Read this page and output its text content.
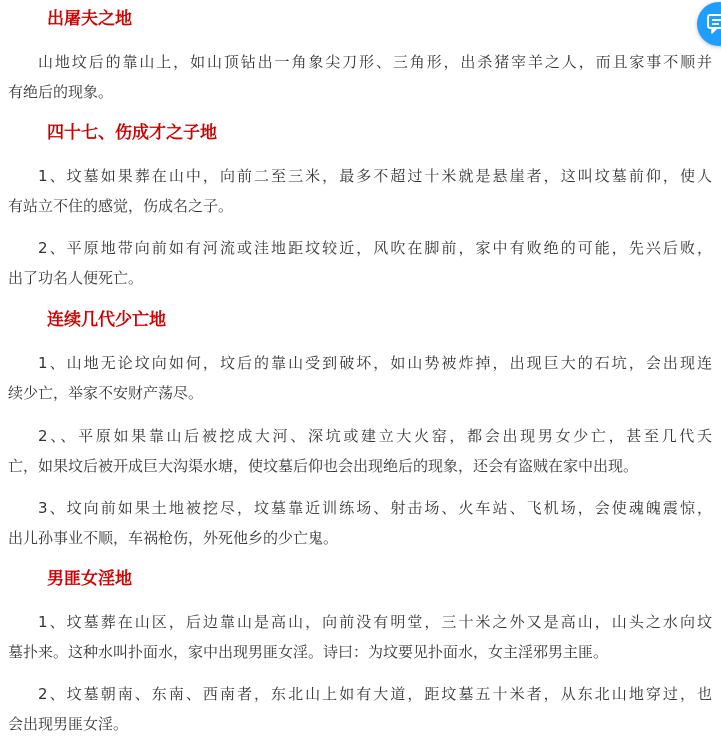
出屠夫之地

山地坟后的靠山上，如山顶钻出一角象尖刀形、三角形，出杀猪宰羊之人，而且家事不顺并
有绝后的现象。

四十七、伤成才之子地

1、坟墓如果葬在山中，向前二至三米，最多不超过十米就是悬崖者，这叫坟墓前仰，使人
有站立不住的感觉，伤成名之子。

2、平原地带向前如有河流或洼地距坟较近，风吹在脚前，家中有败绝的可能，先兴后败，
出了功名人便死亡。

连续几代少亡地

1、山地无论坟向如何，坟后的靠山受到破坏，如山势被炸掉，出现巨大的石坑，会出现连
续少亡，举家不安财产荡尽。

2、、平原如果靠山后被挖成大河、深坑或建立大火窑，都会出现男女少亡，甚至几代夭
亡，如果坟后被开成巨大沟渠水塘，使坟墓后仰也会出现绝后的现象，还会有盗贼在家中出现。

3、坟向前如果土地被挖尽，坟墓靠近训练场、射击场、火车站、飞机场，会使魂魄震惊，
出儿孙事业不顺，车祸枪伤，外死他乡的少亡鬼。

男匪女淫地

1、坟墓葬在山区，后边靠山是高山，向前没有明堂，三十米之外又是高山，山头之水向坟
墓扑来。这种水叫扑面水，家中出现男匪女淫。诗曰：为坟要见扑面水，女主淫邪男主匪。

2、坟墓朝南、东南、西南者，东北山上如有大道，距坟墓五十米者，从东北山地穿过，也
会出现男匪女淫。
